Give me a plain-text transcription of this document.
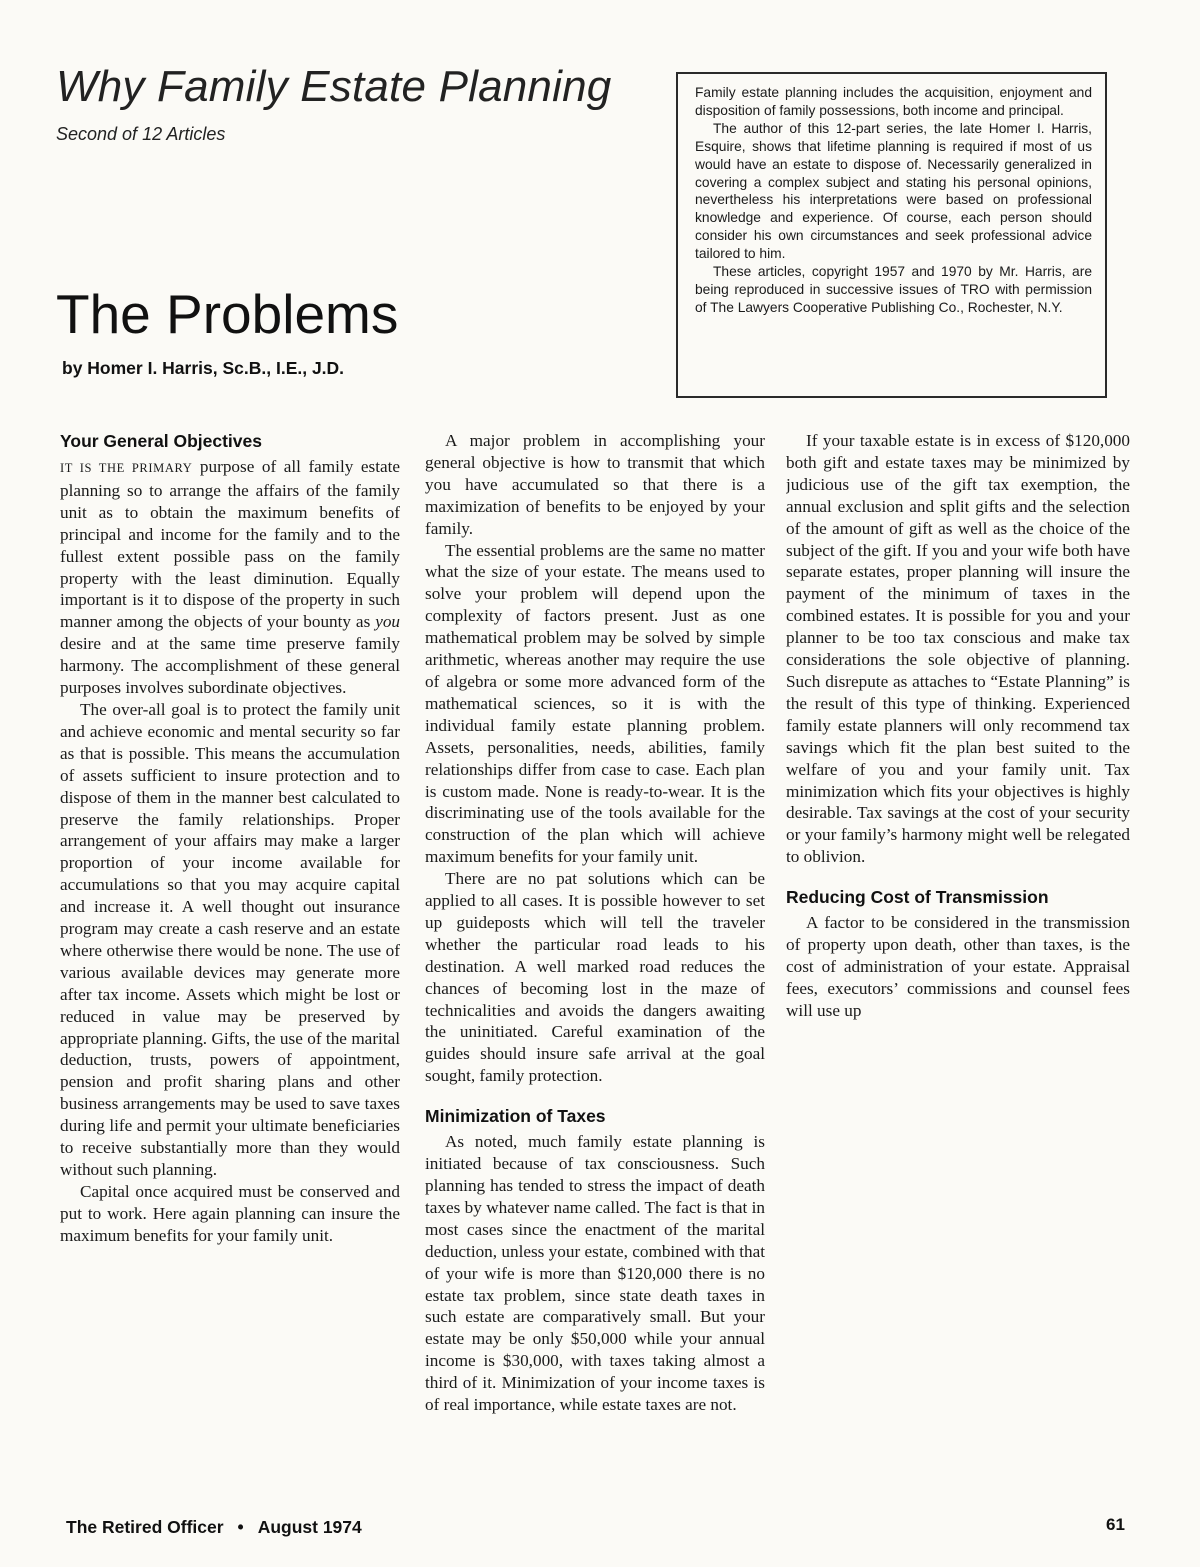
Why Family Estate Planning
Second of 12 Articles
The Problems
by Homer I. Harris, Sc.B., I.E., J.D.

Family estate planning includes the acquisition, enjoyment and disposition of family possessions, both income and principal.

The author of this 12-part series, the late Homer I. Harris, Esquire, shows that lifetime planning is required if most of us would have an estate to dispose of. Necessarily generalized in covering a complex subject and stating his personal opinions, nevertheless his interpretations were based on professional knowledge and experience. Of course, each person should consider his own circumstances and seek professional advice tailored to him.

These articles, copyright 1957 and 1970 by Mr. Harris, are being reproduced in successive issues of TRO with permission of The Lawyers Cooperative Publishing Co., Rochester, N.Y.

Your General Objectives

IT IS THE PRIMARY purpose of all family estate planning so to arrange the affairs of the family unit as to obtain the maximum benefits of principal and income for the family and to the fullest extent possible pass on the family property with the least diminution. Equally important is it to dispose of the property in such manner among the objects of your bounty as you desire and at the same time preserve family harmony. The accomplishment of these general purposes involves subordinate objectives.

The over-all goal is to protect the family unit and achieve economic and mental security so far as that is possible. This means the accumulation of assets sufficient to insure protection and to dispose of them in the manner best calculated to preserve the family relationships. Proper arrangement of your affairs may make a larger proportion of your income available for accumulations so that you may acquire capital and increase it. A well thought out insurance program may create a cash reserve and an estate where otherwise there would be none. The use of various available devices may generate more after tax income. Assets which might be lost or reduced in value may be preserved by appropriate planning. Gifts, the use of the marital deduction, trusts, powers of appointment, pension and profit sharing plans and other business arrangements may be used to save taxes during life and permit your ultimate beneficiaries to receive substantially more than they would without such planning.

Capital once acquired must be conserved and put to work. Here again planning can insure the maximum benefits for your family unit.

A major problem in accomplishing your general objective is how to transmit that which you have accumulated so that there is a maximization of benefits to be enjoyed by your family.

The essential problems are the same no matter what the size of your estate. The means used to solve your problem will depend upon the complexity of factors present. Just as one mathematical problem may be solved by simple arithmetic, whereas another may require the use of algebra or some more advanced form of the mathematical sciences, so it is with the individual family estate planning problem. Assets, personalities, needs, abilities, family relationships differ from case to case. Each plan is custom made. None is ready-to-wear. It is the discriminating use of the tools available for the construction of the plan which will achieve maximum benefits for your family unit.

There are no pat solutions which can be applied to all cases. It is possible however to set up guideposts which will tell the traveler whether the particular road leads to his destination. A well marked road reduces the chances of becoming lost in the maze of technicalities and avoids the dangers awaiting the uninitiated. Careful examination of the guides should insure safe arrival at the goal sought, family protection.

Minimization of Taxes

As noted, much family estate planning is initiated because of tax consciousness. Such planning has tended to stress the impact of death taxes by whatever name called. The fact is that in most cases since the enactment of the marital deduction, unless your estate, combined with that of your wife is more than $120,000 there is no estate tax problem, since state death taxes in such estate are comparatively small. But your estate may be only $50,000 while your annual income is $30,000, with taxes taking almost a third of it. Minimization of your income taxes is of real importance, while estate taxes are not.

If your taxable estate is in excess of $120,000 both gift and estate taxes may be minimized by judicious use of the gift tax exemption, the annual exclusion and split gifts and the selection of the amount of gift as well as the choice of the subject of the gift. If you and your wife both have separate estates, proper planning will insure the payment of the minimum of taxes in the combined estates. It is possible for you and your planner to be too tax conscious and make tax considerations the sole objective of planning. Such disrepute as attaches to “Estate Planning” is the result of this type of thinking. Experienced family estate planners will only recommend tax savings which fit the plan best suited to the welfare of you and your family unit. Tax minimization which fits your objectives is highly desirable. Tax savings at the cost of your security or your family’s harmony might well be relegated to oblivion.

Reducing Cost of Transmission

A factor to be considered in the transmission of property upon death, other than taxes, is the cost of administration of your estate. Appraisal fees, executors’ commissions and counsel fees will use up

The Retired Officer • August 1974	61
